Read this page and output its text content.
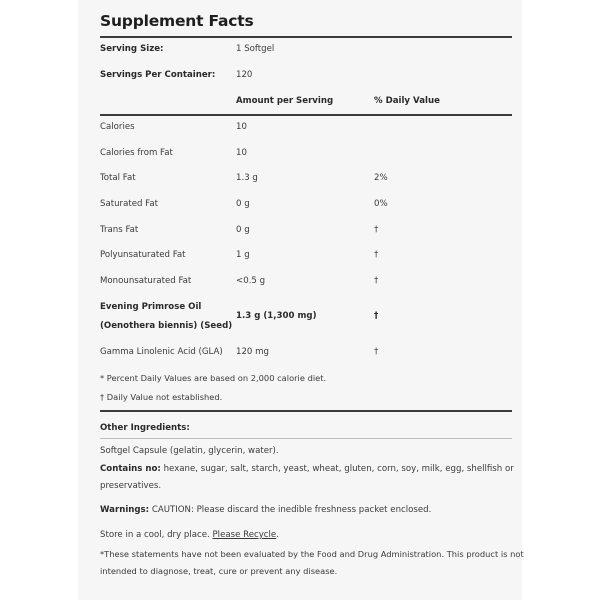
Supplement Facts
Serving Size:	1 Softgel
Servings Per Container: 120
Amount per Serving	% Daily Value
Calories	10
Calories from Fat	10
Total Fat	1.3 g	2%
Saturated Fat	0 g	0%
Trans Fat	0 g	†
Polyunsaturated Fat	1 g	†
Monounsaturated Fat	<0.5 g	†
Evening Primrose Oil
(Oenothera biennis) (Seed)
1.3 g (1,300 mg)	†
Gamma Linolenic Acid (GLA) 120 mg	†
* Percent Daily Values are based on 2,000 calorie diet.
† Daily Value not established.
Other Ingredients:
Softgel Capsule (gelatin, glycerin, water).
Contains no: hexane, sugar, salt, starch, yeast, wheat, gluten, corn, soy, milk, egg, shellfish or
preservatives.
Warnings: CAUTION: Please discard the inedible freshness packet enclosed.
Store in a cool, dry place. Please Recycle.
*These statements have not been evaluated by the Food and Drug Administration. This product is not
intended to diagnose, treat, cure or prevent any disease.
